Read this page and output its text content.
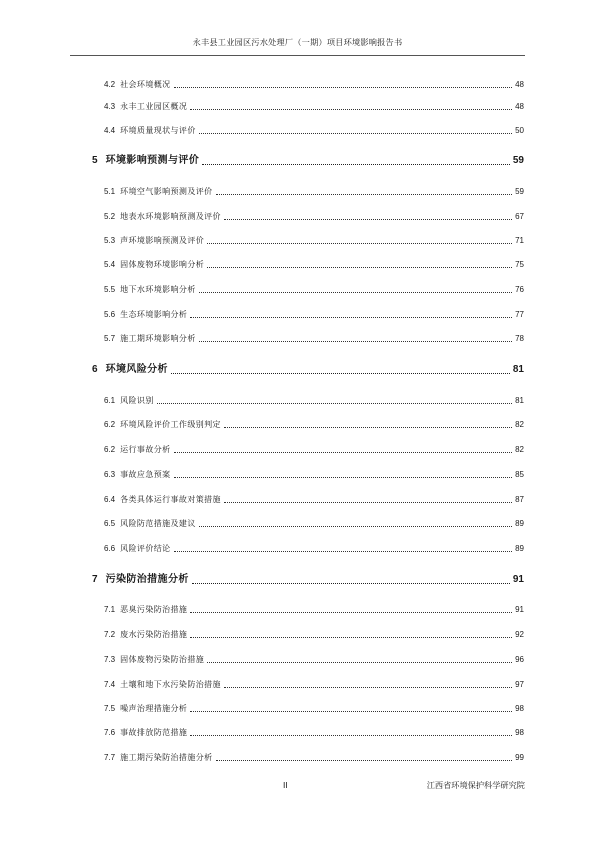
永丰县工业园区污水处理厂（一期）项目环境影响报告书
4.2 社会环境概况	48
4.3 永丰工业园区概况	48
4.4 环境质量现状与评价	50
5 环境影响预测与评价	59
5.1 环境空气影响预测及评价	59
5.2 地表水环境影响预测及评价	67
5.3 声环境影响预测及评价	71
5.4 固体废物环境影响分析	75
5.5 地下水环境影响分析	76
5.6 生态环境影响分析	77
5.7 施工期环境影响分析	78
6 环境风险分析	81
6.1 风险识别	81
6.2 环境风险评价工作级别判定	82
6.2 运行事故分析	82
6.3 事故应急预案	85
6.4 各类具体运行事故对策措施	87
6.5 风险防范措施及建议	89
6.6 风险评价结论	89
7 污染防治措施分析	91
7.1 恶臭污染防治措施	91
7.2 废水污染防治措施	92
7.3 固体废物污染防治措施	96
7.4 土壤和地下水污染防治措施	97
7.5 噪声治理措施分析	98
7.6 事故排放防范措施	98
7.7 施工期污染防治措施分析	99
II	江西省环境保护科学研究院
